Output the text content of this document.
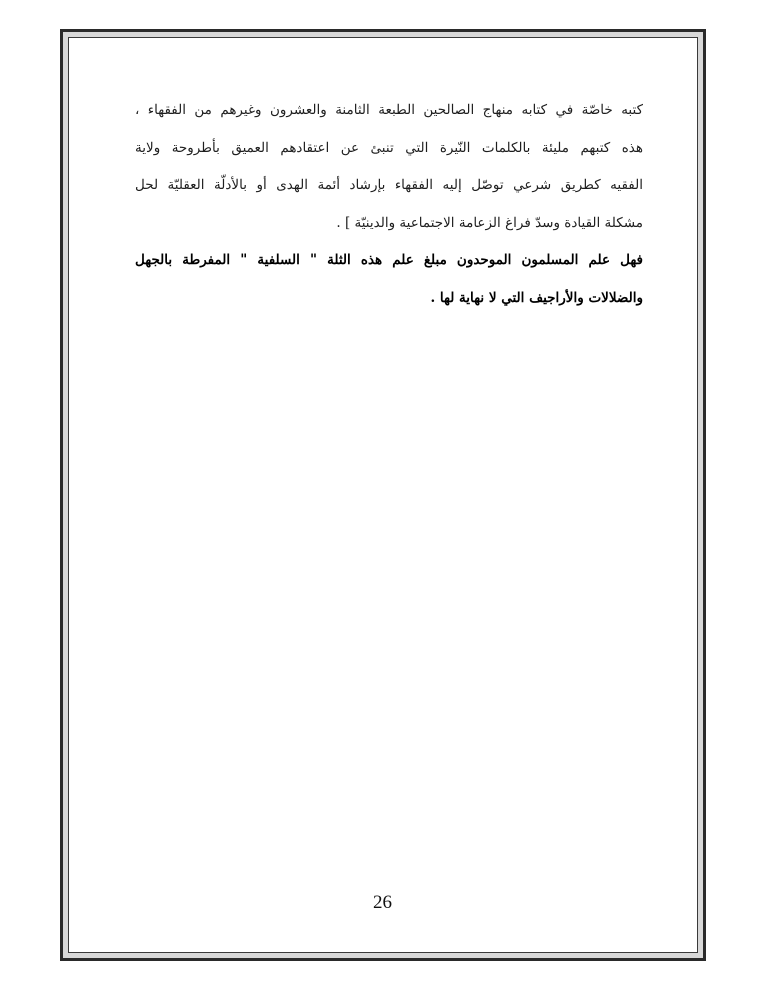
كتبه خاصّة في كتابه منهاج الصالحين الطبعة الثامنة والعشرون وغيرهم من الفقهاء ،
هذه كتبهم مليئة بالكلمات النّيرة التي تنبئ عن اعتقادهم العميق بأطروحة ولاية
الفقيه كطريق شرعي توصّل إليه الفقهاء بإرشاد أئمة الهدى أو بالأدلّة العقليّة لحل
مشكلة القيادة وسدّ فراغ الزعامة الاجتماعية والدينيّة ] .
فهل علم المسلمون الموحدون مبلغ علم هذه الثلة " السلفية " المفرطة بالجهل
والضلالات والأراجيف التي لا نهاية لها .
26
